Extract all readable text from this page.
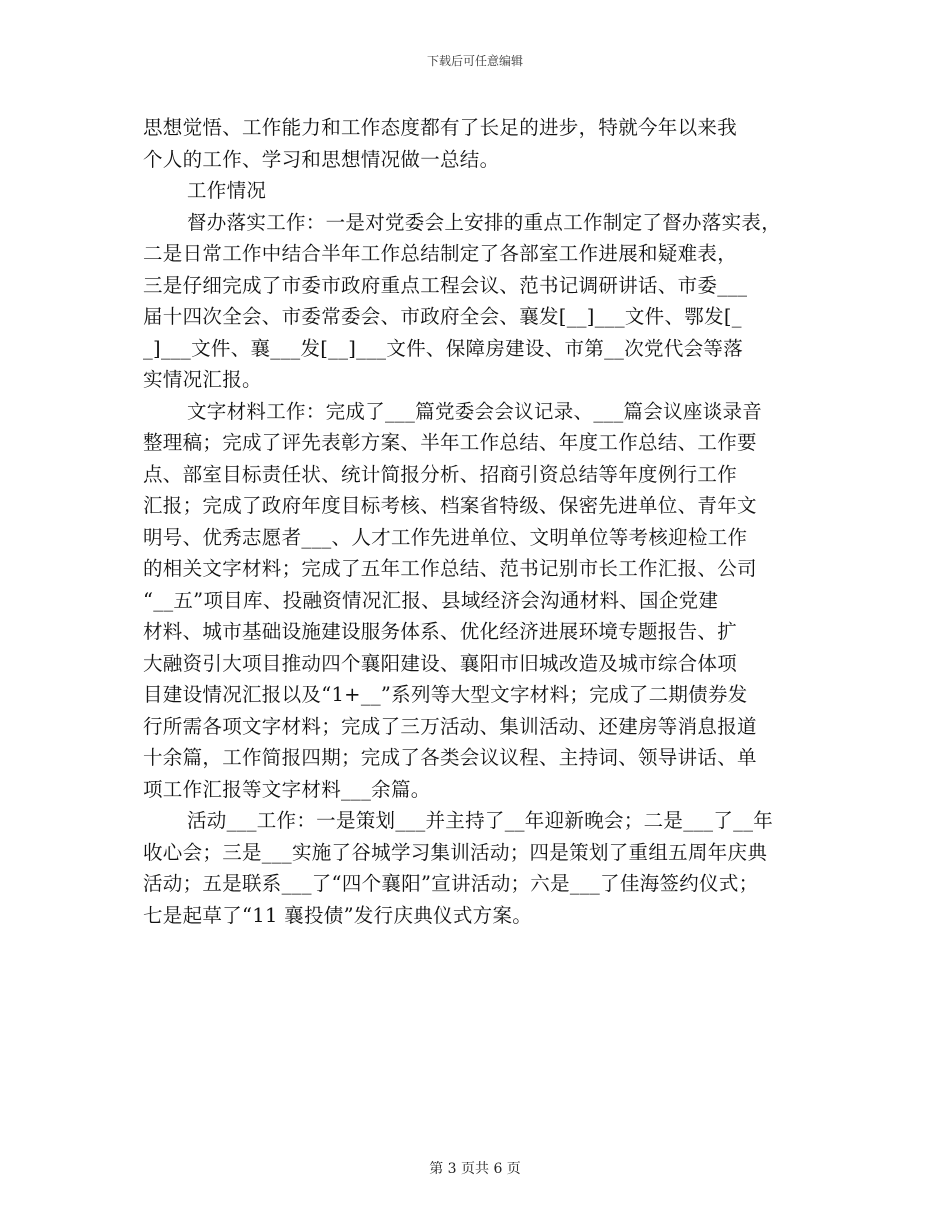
下载后可任意编辑
思想觉悟、工作能力和工作态度都有了长足的进步，特就今年以来我
个人的工作、学习和思想情况做一总结。
工作情况
督办落实工作：一是对党委会上安排的重点工作制定了督办落实表，
二是日常工作中结合半年工作总结制定了各部室工作进展和疑难表，
三是仔细完成了市委市政府重点工程会议、范书记调研讲话、市委___
届十四次全会、市委常委会、市政府全会、襄发[__]___文件、鄂发[_
_]___文件、襄___发[__]___文件、保障房建设、市第__次党代会等落
实情况汇报。
文字材料工作：完成了___篇党委会会议记录、___篇会议座谈录音
整理稿；完成了评先表彰方案、半年工作总结、年度工作总结、工作要
点、部室目标责任状、统计简报分析、招商引资总结等年度例行工作
汇报；完成了政府年度目标考核、档案省特级、保密先进单位、青年文
明号、优秀志愿者___、人才工作先进单位、文明单位等考核迎检工作
的相关文字材料；完成了五年工作总结、范书记别市长工作汇报、公司
“__五”项目库、投融资情况汇报、县域经济会沟通材料、国企党建
材料、城市基础设施建设服务体系、优化经济进展环境专题报告、扩
大融资引大项目推动四个襄阳建设、襄阳市旧城改造及城市综合体项
目建设情况汇报以及“1+__”系列等大型文字材料；完成了二期债券发
行所需各项文字材料；完成了三万活动、集训活动、还建房等消息报道
十余篇，工作简报四期；完成了各类会议议程、主持词、领导讲话、单
项工作汇报等文字材料___余篇。
活动___工作：一是策划___并主持了__年迎新晚会；二是___了__年
收心会；三是___实施了谷城学习集训活动；四是策划了重组五周年庆典
活动；五是联系___了“四个襄阳”宣讲活动；六是___了佳海签约仪式；
七是起草了“11 襄投债”发行庆典仪式方案。
第 3 页共 6 页
